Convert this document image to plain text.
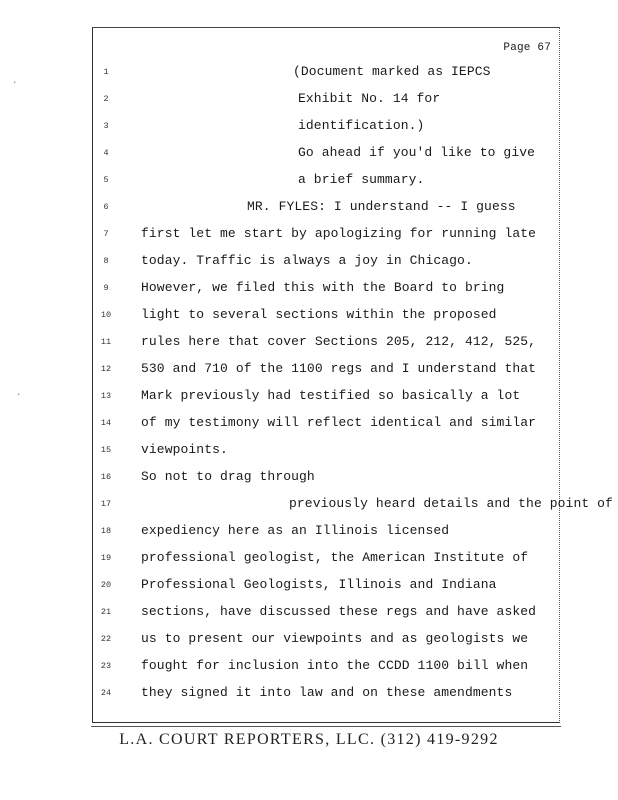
Page 67
1	(Document marked as IEPCS
2	Exhibit No. 14 for
3	identification.)
4	Go ahead if you'd like to give
5	a brief summary.
6	MR. FYLES: I understand -- I guess
7	first let me start by apologizing for running late
8	today. Traffic is always a joy in Chicago.
9	However, we filed this with the Board to bring
10	light to several sections within the proposed
11	rules here that cover Sections 205, 212, 412, 525,
12	530 and 710 of the 1100 regs and I understand that
13	Mark previously had testified so basically a lot
14	of my testimony will reflect identical and similar
15	viewpoints.
16	So not to drag through
17	previously heard details and the point of
18	expediency here as an Illinois licensed
19	professional geologist, the American Institute of
20	Professional Geologists, Illinois and Indiana
21	sections, have discussed these regs and have asked
22	us to present our viewpoints and as geologists we
23	fought for inclusion into the CCDD 1100 bill when
24	they signed it into law and on these amendments
·
·
L.A. COURT REPORTERS, LLC. (312) 419-9292
